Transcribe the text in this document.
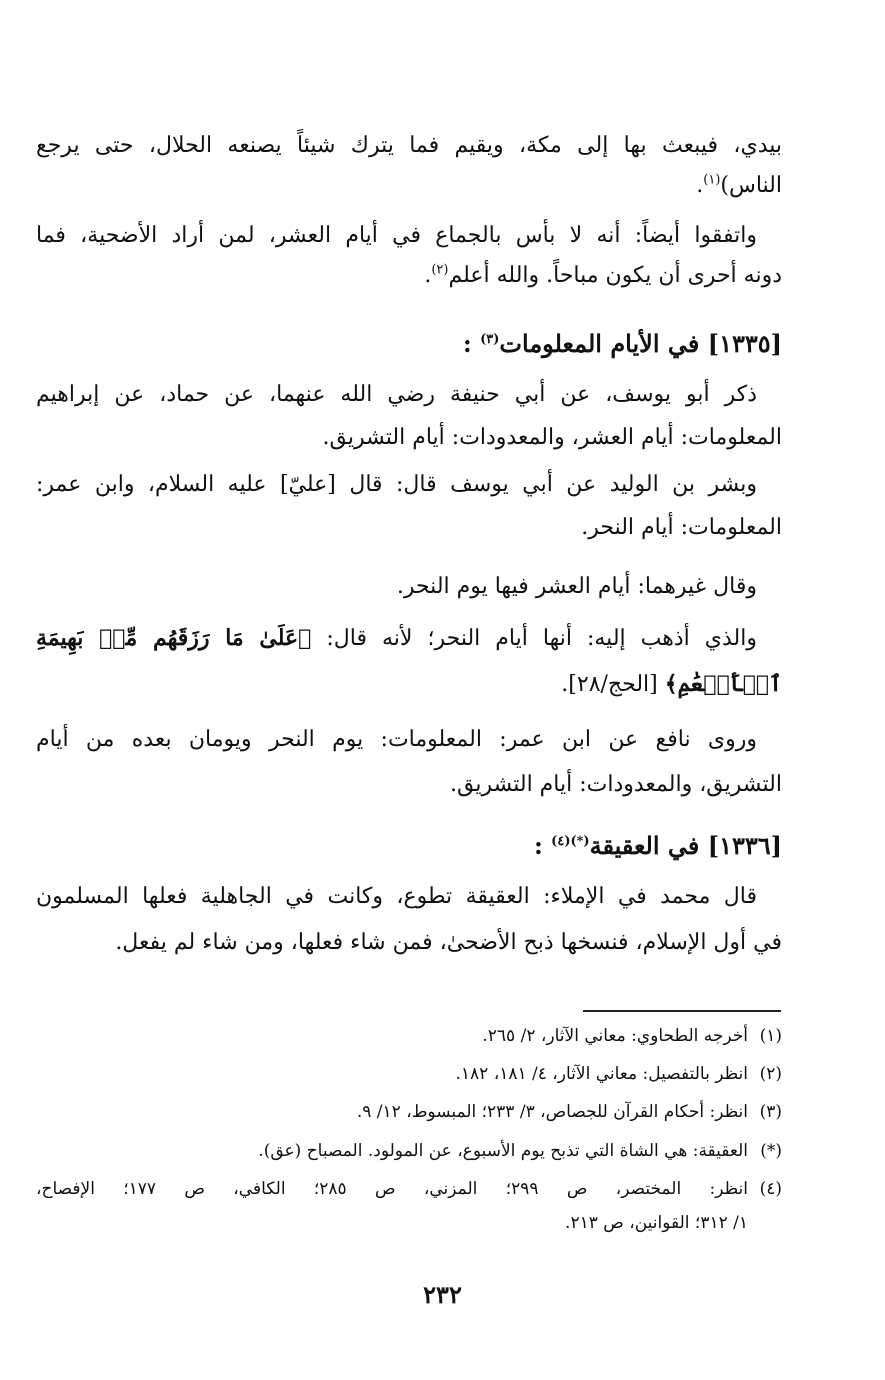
بيدي، فيبعث بها إلى مكة، ويقيم فما يترك شيئاً يصنعه الحلال، حتى يرجع
الناس)$^{(١)}$.
واتفقوا أيضاً: أنه لا بأس بالجماع في أيام العشر، لمن أراد الأضحية، فما
دونه أحرى أن يكون مباحاً. والله أعلم$^{(٢)}$.
[١٣٣٥] في الأيام المعلومات$^{(٣)}$ :
ذكر أبو يوسف، عن أبي حنيفة رضي الله عنهما، عن حماد، عن إبراهيم
المعلومات: أيام العشر، والمعدودات: أيام التشريق.
وبشر بن الوليد عن أبي يوسف قال: قال [عليّ] عليه السلام، وابن عمر:
المعلومات: أيام النحر.
وقال غيرهما: أيام العشر فيها يوم النحر.
والذي أذهب إليه: أنها أيام النحر؛ لأنه قال: ﴿عَلَىٰ مَا رَزَقَهُم مِّنۢ بَهِيمَةِ
ٱلۡأَنۡعَٰمِ﴾ [الحج/٢٨].
وروى نافع عن ابن عمر: المعلومات: يوم النحر ويومان بعده من أيام
التشريق، والمعدودات: أيام التشريق.
[١٣٣٦] في العقيقة$^{(*)(٤)}$ :
قال محمد في الإملاء: العقيقة تطوع، وكانت في الجاهلية فعلها المسلمون
في أول الإسلام، فنسخها ذبح الأضحىٰ، فمن شاء فعلها، ومن شاء لم يفعل.
(١)أخرجه الطحاوي: معاني الآثار، ٢/ ٢٦٥.
(٢)انظر بالتفصيل: معاني الآثار، ٤/ ١٨١، ١٨٢.
(٣)انظر: أحكام القرآن للجصاص، ٣/ ٢٣٣؛ المبسوط، ١٢/ ٩.
(*)العقيقة: هي الشاة التي تذبح يوم الأسبوع، عن المولود. المصباح (عق).
(٤)انظر: المختصر، ص ٢٩٩؛ المزني، ص ٢٨٥؛ الكافي، ص ١٧٧؛ الإفصاح،
١/ ٣١٢؛ القوانين، ص ٢١٣.
٢٣٢
